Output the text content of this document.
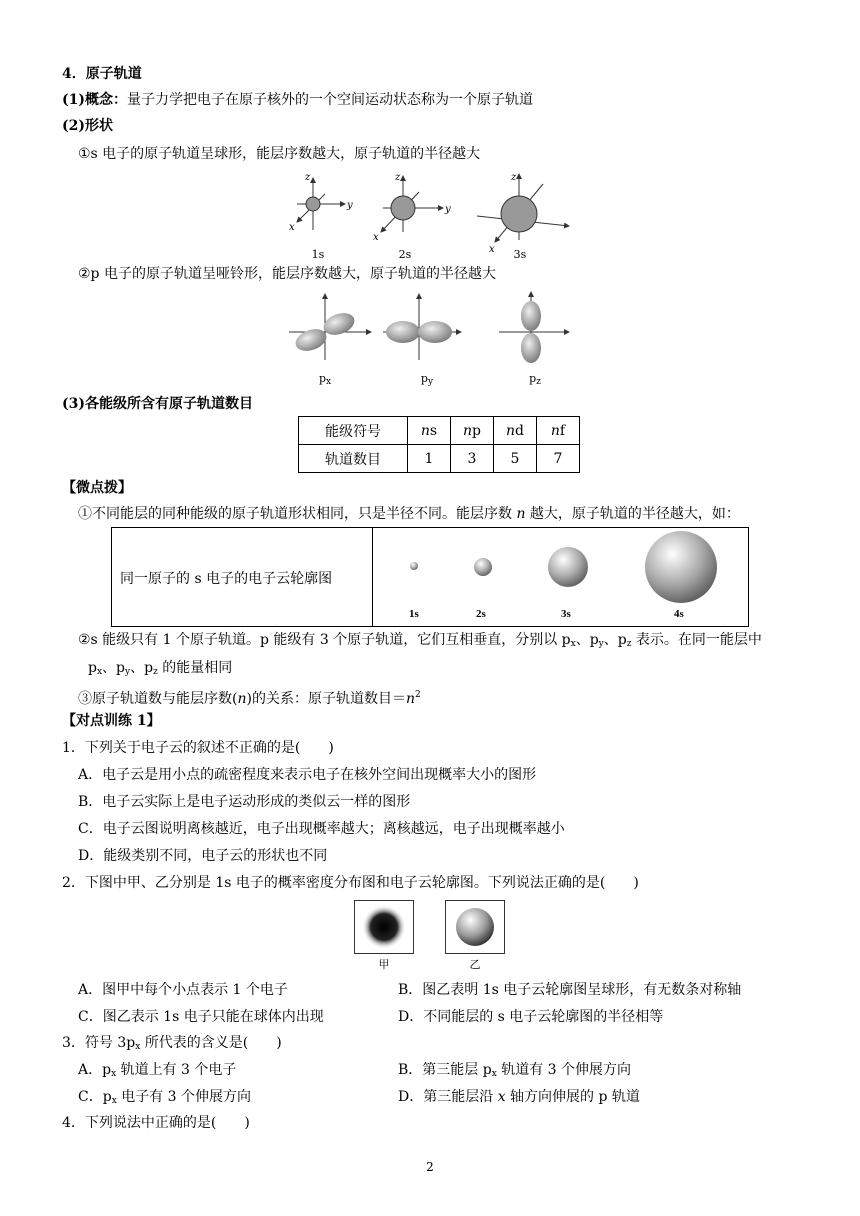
4．原子轨道
(1)概念：量子力学把电子在原子核外的一个空间运动状态称为一个原子轨道
(2)形状
①s 电子的原子轨道呈球形，能层序数越大，原子轨道的半径越大
z
y
x
z
y
x
z
x
1s	2s	3s
②p 电子的原子轨道呈哑铃形，能层序数越大，原子轨道的半径越大
$p_x$	$p_y$	$p_z$
(3)各能级所含有原子轨道数目
能级符号	ns	np	nd	nf
轨道数目	1	3	5	7
【微点拨】
①不同能层的同种能级的原子轨道形状相同，只是半径不同。能层序数 n 越大，原子轨道的半径越大，如：
同一原子的 s 电子的电子云轮廓图
1s	2s	3s	4s
②s 能级只有 1 个原子轨道。p 能级有 3 个原子轨道，它们互相垂直，分别以 $p_x$、$p_y$、$p_z$ 表示。在同一能层中
$p_x$、$p_y$、$p_z$ 的能量相同
③原子轨道数与能层序数(n)的关系：原子轨道数目$=n^2$
【对点训练 1】
1．下列关于电子云的叙述不正确的是(　　)
A．电子云是用小点的疏密程度来表示电子在核外空间出现概率大小的图形
B．电子云实际上是电子运动形成的类似云一样的图形
C．电子云图说明离核越近，电子出现概率越大；离核越远，电子出现概率越小
D．能级类别不同，电子云的形状也不同
2．下图中甲、乙分别是 1s 电子的概率密度分布图和电子云轮廓图。下列说法正确的是(　　)
甲	乙
A．图甲中每个小点表示 1 个电子	B．图乙表明 1s 电子云轮廓图呈球形，有无数条对称轴
C．图乙表示 1s 电子只能在球体内出现	D．不同能层的 s 电子云轮廓图的半径相等
3．符号 $3p_x$ 所代表的含义是(　　)
A．$p_x$ 轨道上有 3 个电子	B．第三能层 $p_x$ 轨道有 3 个伸展方向
C．$p_x$ 电子有 3 个伸展方向	D．第三能层沿 x 轴方向伸展的 p 轨道
4．下列说法中正确的是(　　)
2
